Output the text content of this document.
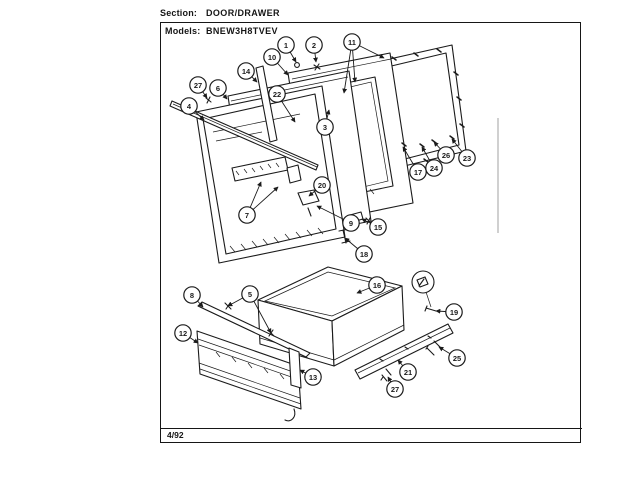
Section: DOOR/DRAWER
Models: BNEW3H8TVEV
4/92
1	2	11
10
14
27 6
22
4
3
7
20
9	15
18
17 24
26 23
8	5
16
12
13
19
21
25
27
